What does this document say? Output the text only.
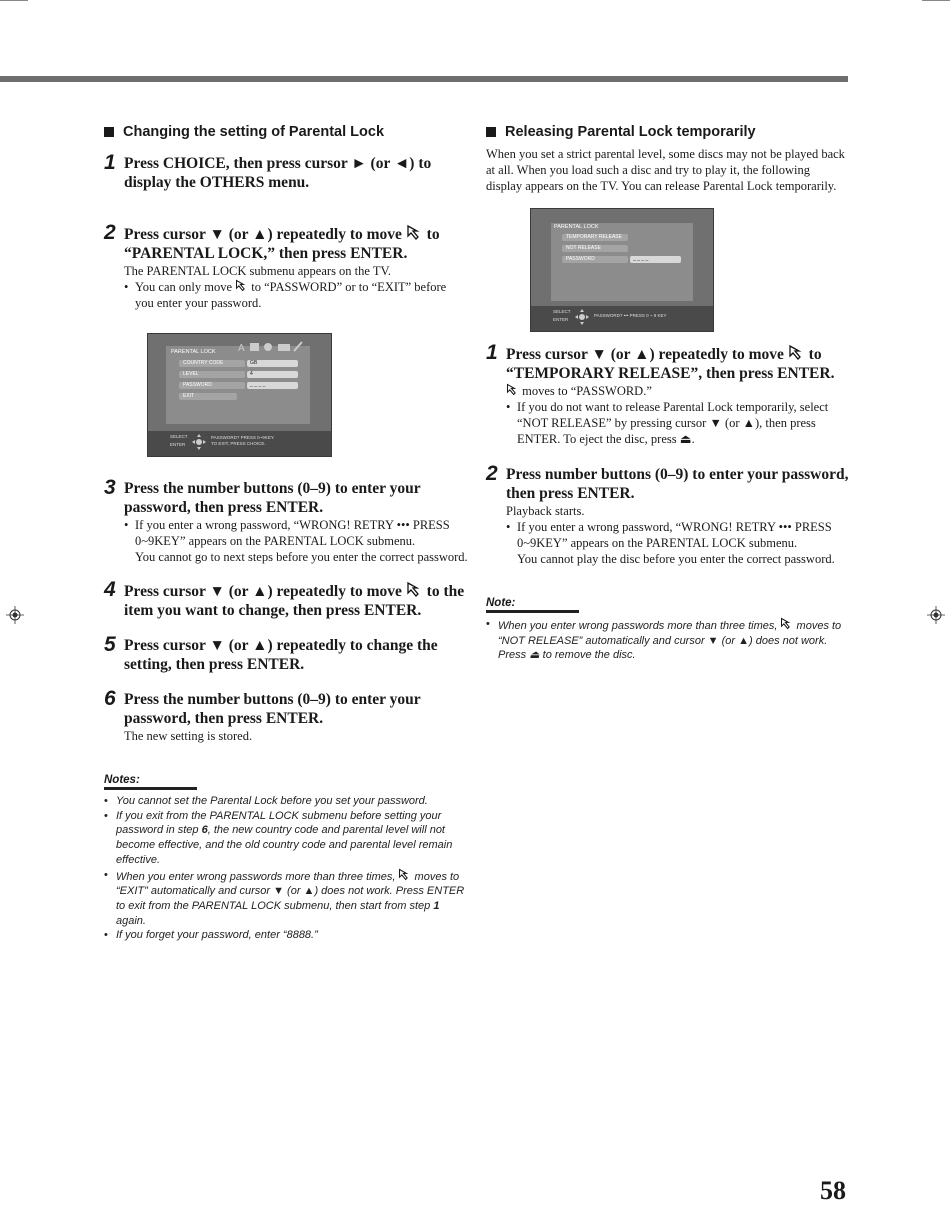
Changing the setting of Parental Lock
1 Press CHOICE, then press cursor ► (or ◄) to display the OTHERS menu.
2 Press cursor ▼ (or ▲) repeatedly to move to “PARENTAL LOCK,” then press ENTER.
The PARENTAL LOCK submenu appears on the TV.
• You can only move to “PASSWORD” or to “EXIT” before you enter your password.
PARENTAL LOCK A
COUNTRY CODE	GB
LEVEL	4
PASSWORD	_ _ _ _
EXIT
SELECT
ENTER
PASSWORD? PRESS 0~9KEY.
TO EXIT, PRESS CHOICE.
3 Press the number buttons (0–9) to enter your password, then press ENTER.
• If you enter a wrong password, “WRONG! RETRY ••• PRESS 0~9KEY” appears on the PARENTAL LOCK submenu.
You cannot go to next steps before you enter the correct password.
4 Press cursor ▼ (or ▲) repeatedly to move to the item you want to change, then press ENTER.
5 Press cursor ▼ (or ▲) repeatedly to change the setting, then press ENTER.
6 Press the number buttons (0–9) to enter your password, then press ENTER.
The new setting is stored.
Notes:
• You cannot set the Parental Lock before you set your password.
• If you exit from the PARENTAL LOCK submenu before setting your password in step 6, the new country code and parental level will not become effective, and the old country code and parental level remain effective.
• When you enter wrong passwords more than three times, moves to “EXIT” automatically and cursor ▼ (or ▲) does not work. Press ENTER to exit from the PARENTAL LOCK submenu, then start from step 1 again.
• If you forget your password, enter “8888.”
Releasing Parental Lock temporarily
When you set a strict parental level, some discs may not be played back at all. When you load such a disc and try to play it, the following display appears on the TV. You can release Parental Lock temporarily.
PARENTAL LOCK
TEMPORARY RELEASE
NOT RELEASE
PASSWORD	_ _ _ _
SELECT
ENTER
PASSWORD? ••• PRESS 0 ~ 9 KEY
1 Press cursor ▼ (or ▲) repeatedly to move to “TEMPORARY RELEASE”, then press ENTER.
moves to “PASSWORD.”
• If you do not want to release Parental Lock temporarily, select “NOT RELEASE” by pressing cursor ▼ (or ▲), then press ENTER. To eject the disc, press ⏏.
2 Press number buttons (0–9) to enter your password, then press ENTER.
Playback starts.
• If you enter a wrong password, “WRONG! RETRY ••• PRESS 0~9KEY” appears on the PARENTAL LOCK submenu.
You cannot play the disc before you enter the correct password.
Note:
• When you enter wrong passwords more than three times, moves to “NOT RELEASE” automatically and cursor ▼ (or ▲) does not work. Press ⏏ to remove the disc.
58
